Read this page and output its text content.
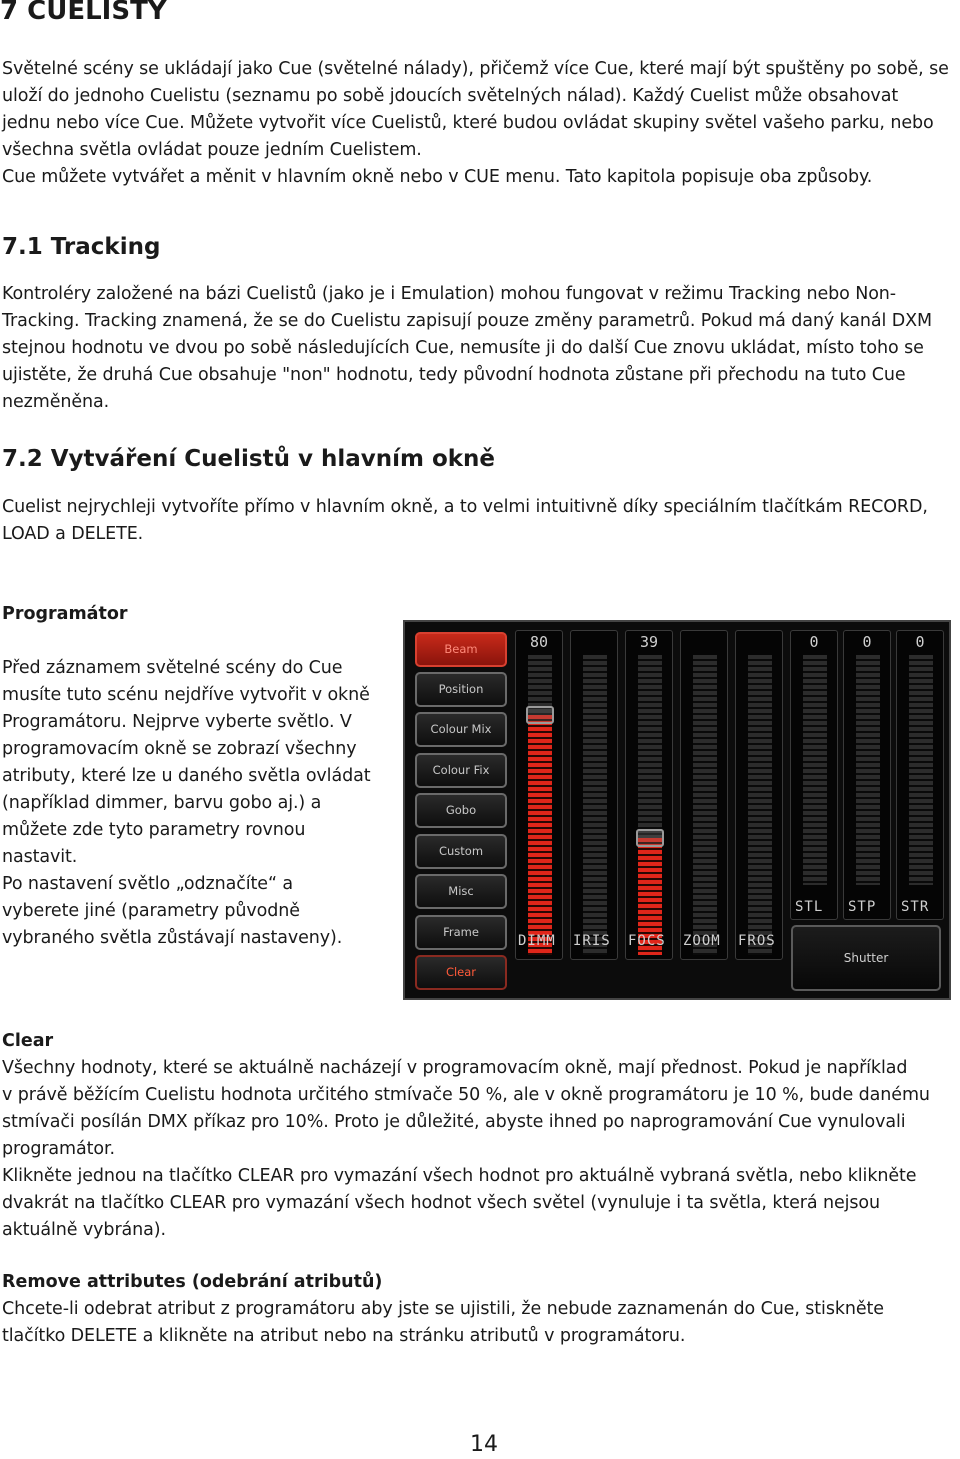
7 CUELISTY
Světelné scény se ukládají jako Cue (světelné nálady), přičemž více Cue, které mají být spuštěny po sobě, se
uloží do jednoho Cuelistu (seznamu po sobě jdoucích světelných nálad). Každý Cuelist může obsahovat
jednu nebo více Cue. Můžete vytvořit více Cuelistů, které budou ovládat skupiny světel vašeho parku, nebo
všechna světla ovládat pouze jedním Cuelistem.
Cue můžete vytvářet a měnit v hlavním okně nebo v CUE menu. Tato kapitola popisuje oba způsoby.
7.1 Tracking
Kontroléry založené na bázi Cuelistů (jako je i Emulation) mohou fungovat v režimu Tracking nebo Non-
Tracking. Tracking znamená, že se do Cuelistu zapisují pouze změny parametrů. Pokud má daný kanál DXM
stejnou hodnotu ve dvou po sobě následujících Cue, nemusíte ji do další Cue znovu ukládat, místo toho se
ujistěte, že druhá Cue obsahuje "non" hodnotu, tedy původní hodnota zůstane při přechodu na tuto Cue
nezměněna.
7.2 Vytváření Cuelistů v hlavním okně
Cuelist nejrychleji vytvoříte přímo v hlavním okně, a to velmi intuitivně díky speciálním tlačítkám RECORD,
LOAD a DELETE.
Programátor
Před záznamem světelné scény do Cue
musíte tuto scénu nejdříve vytvořit v okně
Programátoru. Nejprve vyberte světlo. V
programovacím okně se zobrazí všechny
atributy, které lze u daného světla ovládat
(například dimmer, barvu gobo aj.) a
můžete zde tyto parametry rovnou
nastavit.
Po nastavení světlo „odznačíte“ a
vyberete jiné (parametry původně
vybraného světla zůstávají nastaveny).
Beam
Position
Colour Mix
Colour Fix
Gobo
Custom
Misc
Frame
Clear
80
DIMM IRIS
39
FOCS ZOOM FROS
0
STL
0
STP
0
STR
Shutter
Clear
Všechny hodnoty, které se aktuálně nacházejí v programovacím okně, mají přednost. Pokud je například
v právě běžícím Cuelistu hodnota určitého stmívače 50 %, ale v okně programátoru je 10 %, bude danému
stmívači posílán DMX příkaz pro 10%. Proto je důležité, abyste ihned po naprogramování Cue vynulovali
programátor.
Klikněte jednou na tlačítko CLEAR pro vymazání všech hodnot pro aktuálně vybraná světla, nebo klikněte
dvakrát na tlačítko CLEAR pro vymazání všech hodnot všech světel (vynuluje i ta světla, která nejsou
aktuálně vybrána).
Remove attributes (odebrání atributů)
Chcete-li odebrat atribut z programátoru aby jste se ujistili, že nebude zaznamenán do Cue, stiskněte
tlačítko DELETE a klikněte na atribut nebo na stránku atributů v programátoru.
14
